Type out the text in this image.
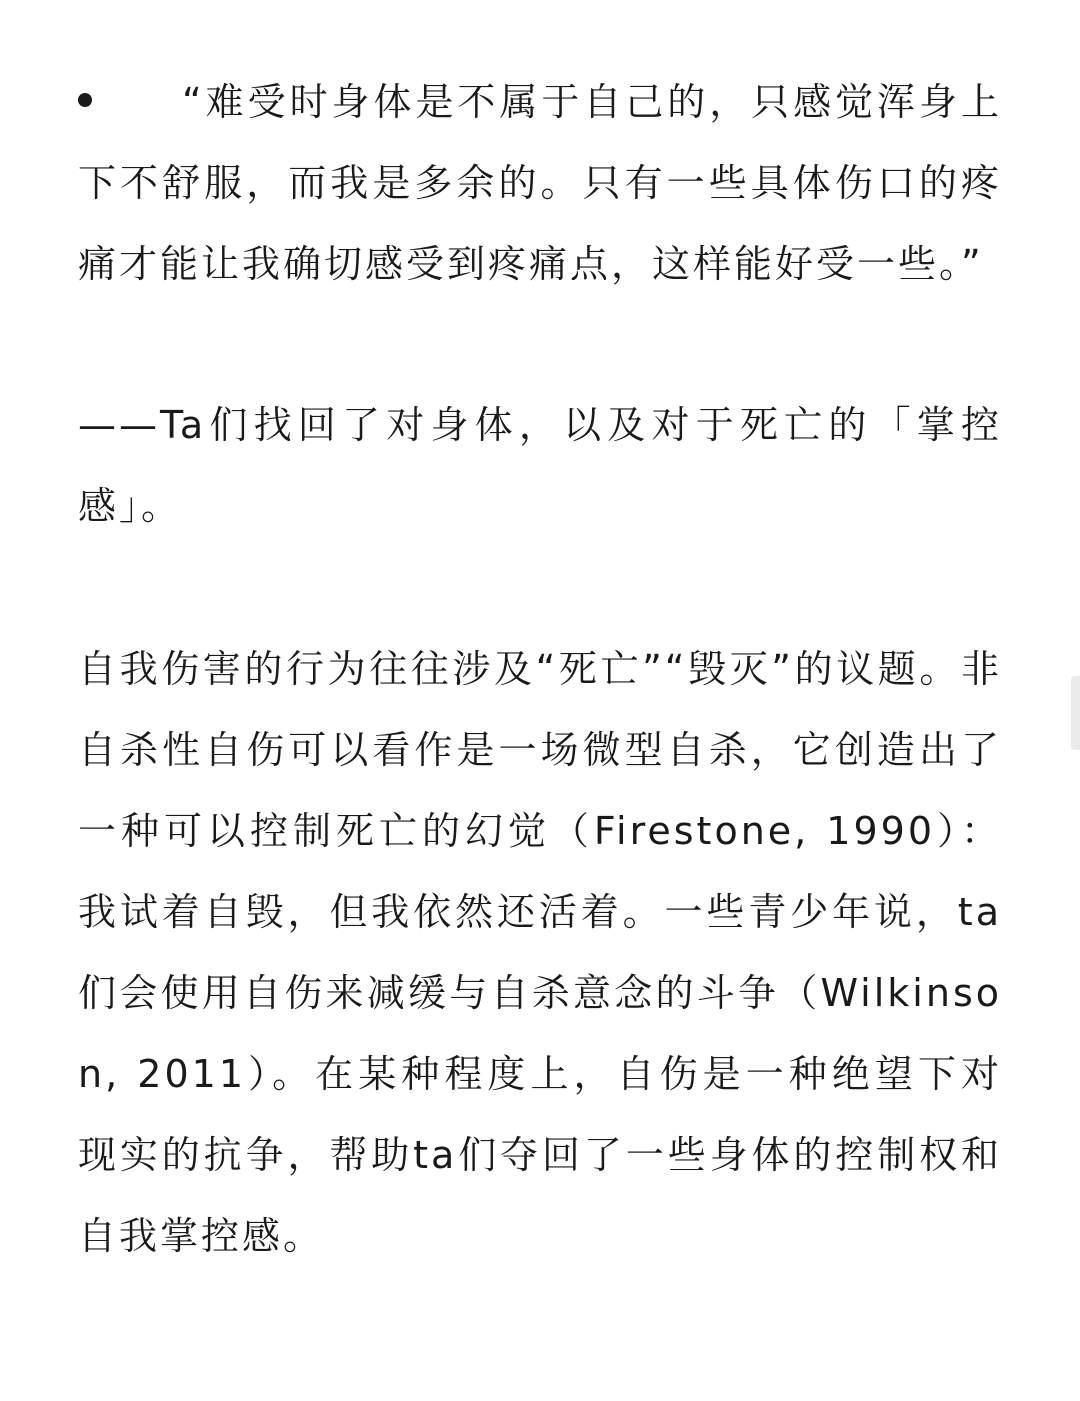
“难受时身体是不属于自己的，只感觉浑身上下不舒服，而我是多余的。只有一些具体伤口的疼痛才能让我确切感受到疼痛点，这样能好受一些。”

——Ta们找回了对身体，以及对于死亡的「掌控感」。

自我伤害的行为往往涉及“死亡”“毁灭”的议题。非自杀性自伤可以看作是一场微型自杀，它创造出了一种可以控制死亡的幻觉（Firestone, 1990）：我试着自毁，但我依然还活着。一些青少年说，ta们会使用自伤来减缓与自杀意念的斗争（Wilkinson, 2011）。在某种程度上，自伤是一种绝望下对现实的抗争，帮助ta们夺回了一些身体的控制权和自我掌控感。
